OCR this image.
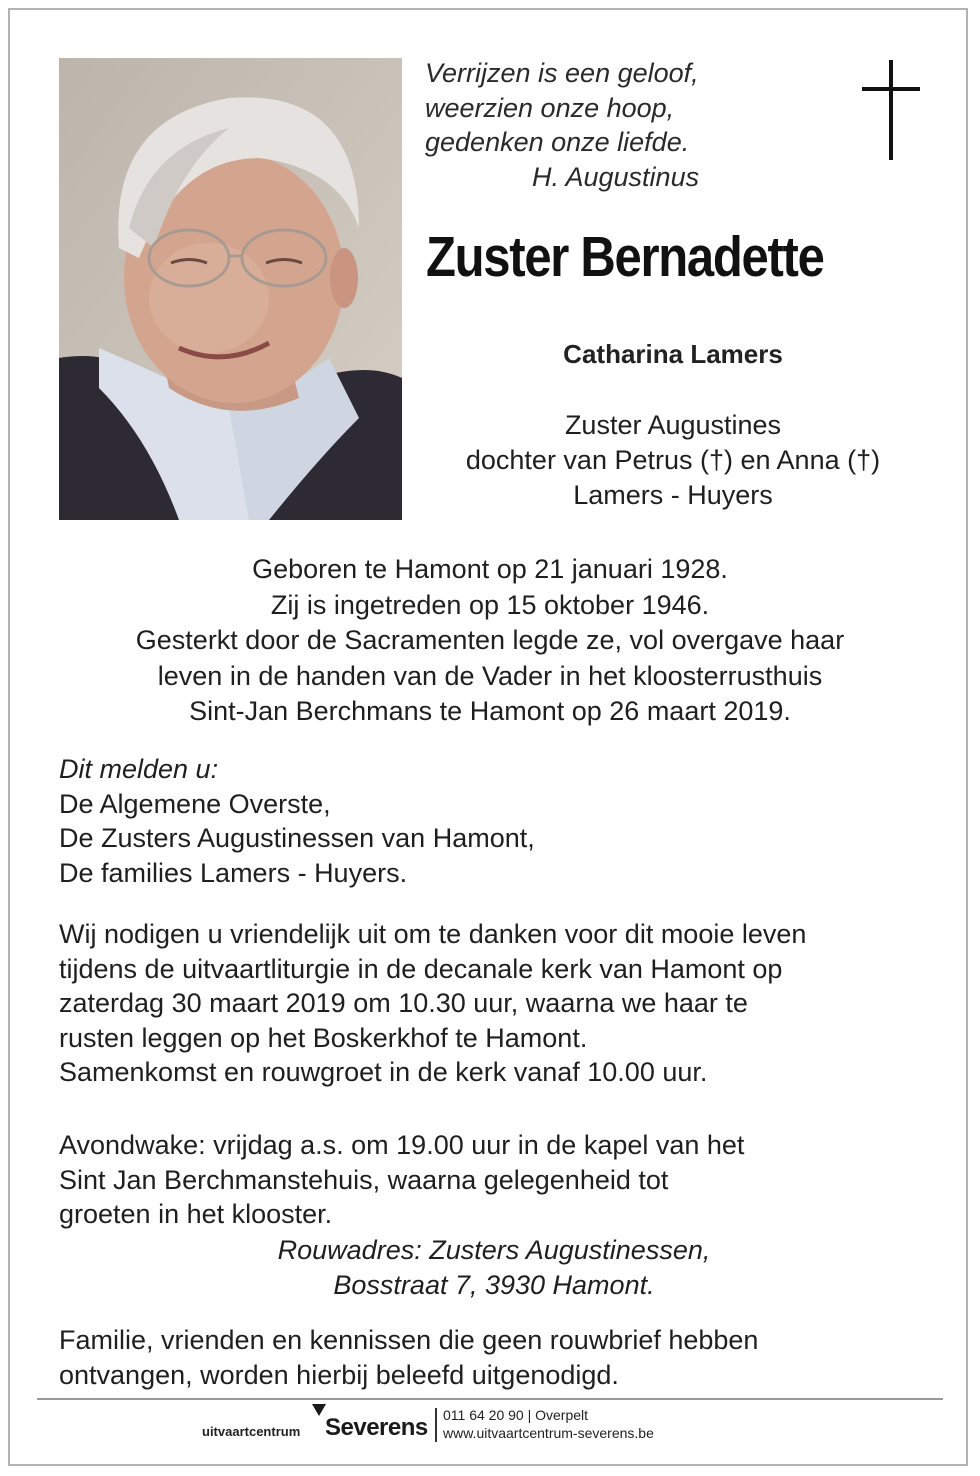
Verrijzen is een geloof,
weerzien onze hoop,
gedenken onze liefde.
H. Augustinus
Zuster Bernadette
Catharina Lamers
Zuster Augustines
dochter van Petrus (†) en Anna (†)
Lamers - Huyers
Geboren te Hamont op 21 januari 1928.
Zij is ingetreden op 15 oktober 1946.
Gesterkt door de Sacramenten legde ze, vol overgave haar
leven in de handen van de Vader in het kloosterrusthuis
Sint-Jan Berchmans te Hamont op 26 maart 2019.
Dit melden u:
De Algemene Overste,
De Zusters Augustinessen van Hamont,
De families Lamers - Huyers.
Wij nodigen u vriendelijk uit om te danken voor dit mooie leven
tijdens de uitvaartliturgie in de decanale kerk van Hamont op
zaterdag 30 maart 2019 om 10.30 uur, waarna we haar te
rusten leggen op het Boskerkhof te Hamont.
Samenkomst en rouwgroet in de kerk vanaf 10.00 uur.
Avondwake: vrijdag a.s. om 19.00 uur in de kapel van het
Sint Jan Berchmanstehuis, waarna gelegenheid tot
groeten in het klooster.
Rouwadres: Zusters Augustinessen,
Bosstraat 7, 3930 Hamont.
Familie, vrienden en kennissen die geen rouwbrief hebben
ontvangen, worden hierbij beleefd uitgenodigd.
uitvaartcentrum Severens 011 64 20 90 | Overpelt
www.uitvaartcentrum-severens.be
